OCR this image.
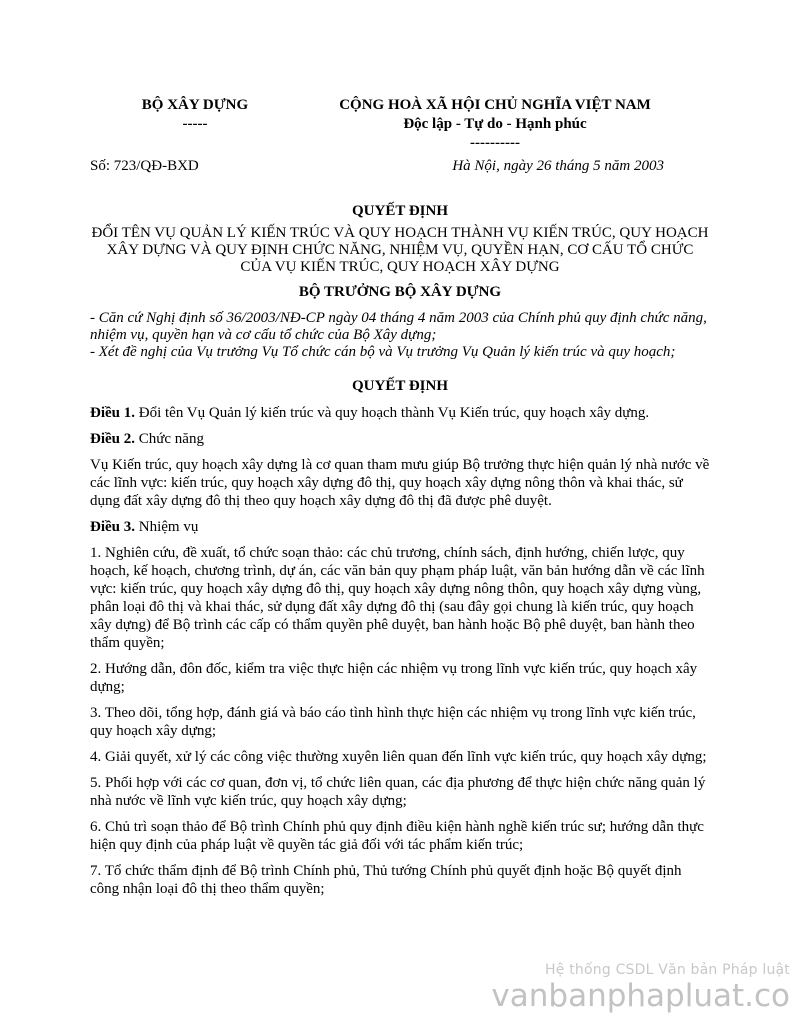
BỘ XÂY DỰNG
-----
CỘNG HOÀ XÃ HỘI CHỦ NGHĨA VIỆT NAM
Độc lập - Tự do - Hạnh phúc
----------
Số: 723/QĐ-BXD	Hà Nội, ngày 26 tháng 5 năm 2003

QUYẾT ĐỊNH

ĐỔI TÊN VỤ QUẢN LÝ KIẾN TRÚC VÀ QUY HOẠCH THÀNH VỤ KIẾN TRÚC, QUY HOẠCH XÂY DỰNG VÀ QUY ĐỊNH CHỨC NĂNG, NHIỆM VỤ, QUYỀN HẠN, CƠ CẤU TỔ CHỨC CỦA VỤ KIẾN TRÚC, QUY HOẠCH XÂY DỰNG

BỘ TRƯỞNG BỘ XÂY DỰNG

- Căn cứ Nghị định số 36/2003/NĐ-CP ngày 04 tháng 4 năm 2003 của Chính phủ quy định chức năng, nhiệm vụ, quyền hạn và cơ cấu tổ chức của Bộ Xây dựng;

- Xét đề nghị của Vụ trưởng Vụ Tổ chức cán bộ và Vụ trưởng Vụ Quản lý kiến trúc và quy hoạch;

QUYẾT ĐỊNH

Điều 1. Đổi tên Vụ Quản lý kiến trúc và quy hoạch thành Vụ Kiến trúc, quy hoạch xây dựng.

Điều 2. Chức năng

Vụ Kiến trúc, quy hoạch xây dựng là cơ quan tham mưu giúp Bộ trưởng thực hiện quản lý nhà nước về các lĩnh vực: kiến trúc, quy hoạch xây dựng đô thị, quy hoạch xây dựng nông thôn và khai thác, sử dụng đất xây dựng đô thị theo quy hoạch xây dựng đô thị đã được phê duyệt.

Điều 3. Nhiệm vụ

1. Nghiên cứu, đề xuất, tổ chức soạn thảo: các chủ trương, chính sách, định hướng, chiến lược, quy hoạch, kế hoạch, chương trình, dự án, các văn bản quy phạm pháp luật, văn bản hướng dẫn về các lĩnh vực: kiến trúc, quy hoạch xây dựng đô thị, quy hoạch xây dựng nông thôn, quy hoạch xây dựng vùng, phân loại đô thị và khai thác, sử dụng đất xây dựng đô thị (sau đây gọi chung là kiến trúc, quy hoạch xây dựng) để Bộ trình các cấp có thẩm quyền phê duyệt, ban hành hoặc Bộ phê duyệt, ban hành theo thẩm quyền;

2. Hướng dẫn, đôn đốc, kiểm tra việc thực hiện các nhiệm vụ trong lĩnh vực kiến trúc, quy hoạch xây dựng;

3. Theo dõi, tổng hợp, đánh giá và báo cáo tình hình thực hiện các nhiệm vụ trong lĩnh vực kiến trúc, quy hoạch xây dựng;

4. Giải quyết, xử lý các công việc thường xuyên liên quan đến lĩnh vực kiến trúc, quy hoạch xây dựng;

5. Phối hợp với các cơ quan, đơn vị, tổ chức liên quan, các địa phương để thực hiện chức năng quản lý nhà nước về lĩnh vực kiến trúc, quy hoạch xây dựng;

6. Chủ trì soạn thảo để Bộ trình Chính phủ quy định điều kiện hành nghề kiến trúc sư; hướng dẫn thực hiện quy định của pháp luật về quyền tác giả đối với tác phẩm kiến trúc;

7. Tổ chức thẩm định để Bộ trình Chính phủ, Thủ tướng Chính phủ quyết định hoặc Bộ quyết định công nhận loại đô thị theo thẩm quyền;

Hệ thống CSDL Văn bản Pháp luật
vanbanphapluat.co
